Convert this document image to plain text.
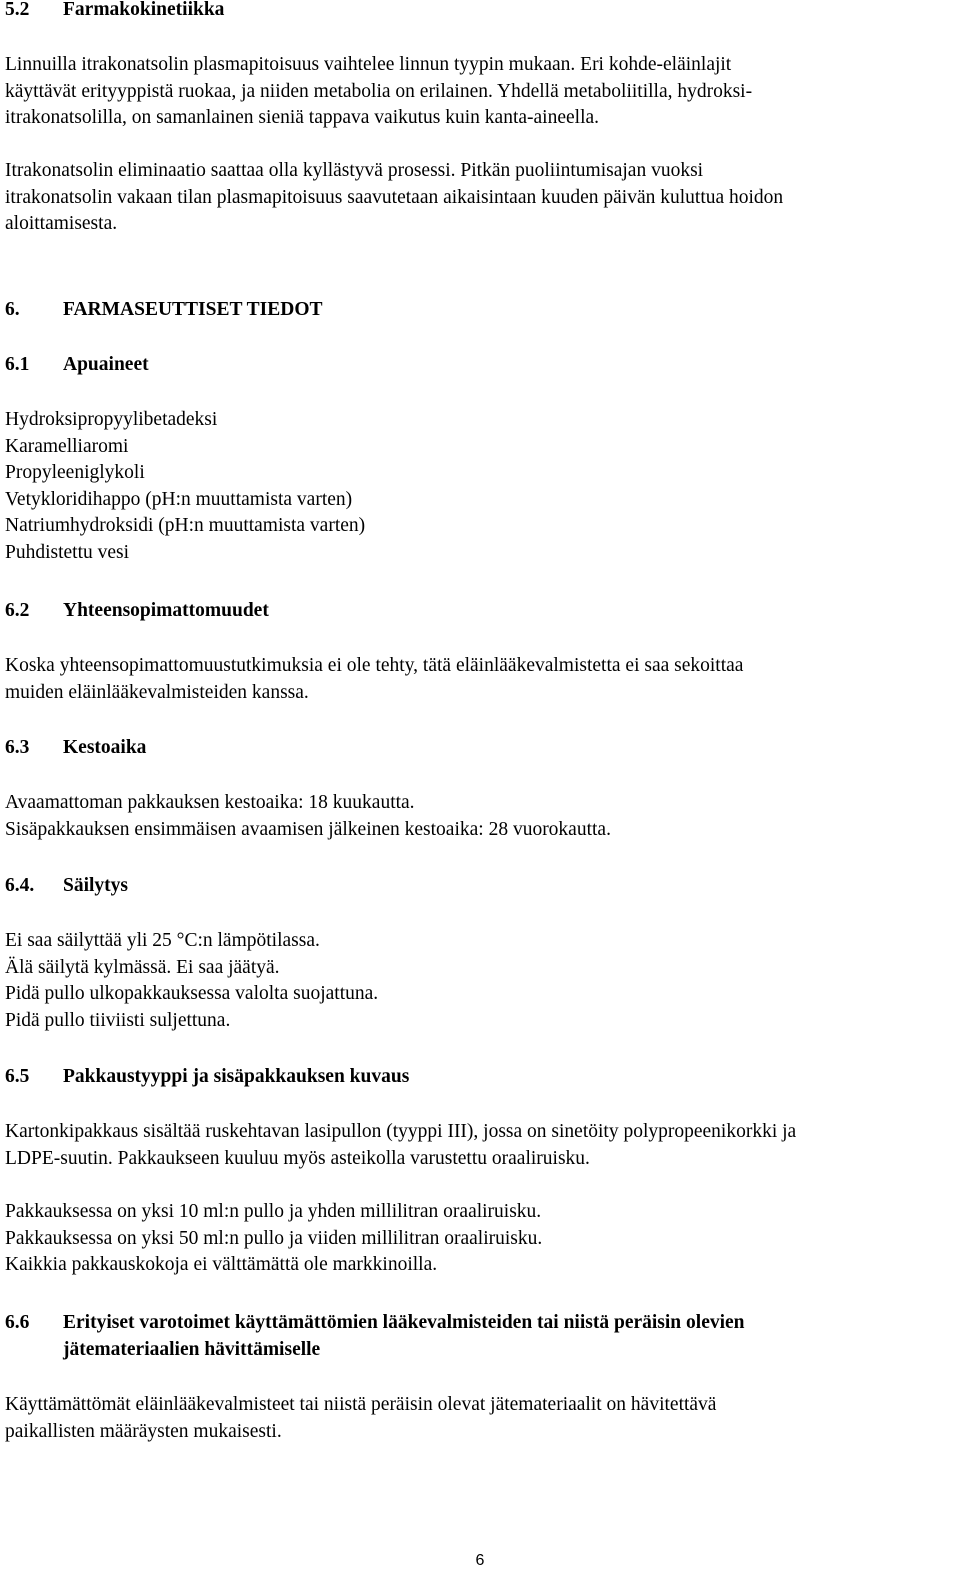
5.2	Farmakokinetiikka

Linnuilla itrakonatsolin plasmapitoisuus vaihtelee linnun tyypin mukaan. Eri kohde-eläinlajit
käyttävät erityyppistä ruokaa, ja niiden metabolia on erilainen. Yhdellä metaboliitilla, hydroksi-
itrakonatsolilla, on samanlainen sieniä tappava vaikutus kuin kanta-aineella.

Itrakonatsolin eliminaatio saattaa olla kyllästyvä prosessi. Pitkän puoliintumisajan vuoksi
itrakonatsolin vakaan tilan plasmapitoisuus saavutetaan aikaisintaan kuuden päivän kuluttua hoidon
aloittamisesta.

6.	FARMASEUTTISET TIEDOT
6.1	Apuaineet

Hydroksipropyylibetadeksi
Karamelliaromi
Propyleeniglykoli
Vetykloridihappo (pH:n muuttamista varten)
Natriumhydroksidi (pH:n muuttamista varten)
Puhdistettu vesi

6.2	Yhteensopimattomuudet

Koska yhteensopimattomuustutkimuksia ei ole tehty, tätä eläinlääkevalmistetta ei saa sekoittaa
muiden eläinlääkevalmisteiden kanssa.

6.3	Kestoaika

Avaamattoman pakkauksen kestoaika: 18 kuukautta.
Sisäpakkauksen ensimmäisen avaamisen jälkeinen kestoaika: 28 vuorokautta.

6.4.	Säilytys

Ei saa säilyttää yli 25 °C:n lämpötilassa.
Älä säilytä kylmässä. Ei saa jäätyä.
Pidä pullo ulkopakkauksessa valolta suojattuna.
Pidä pullo tiiviisti suljettuna.

6.5	Pakkaustyyppi ja sisäpakkauksen kuvaus

Kartonkipakkaus sisältää ruskehtavan lasipullon (tyyppi III), jossa on sinetöity polypropeenikorkki ja
LDPE-suutin. Pakkaukseen kuuluu myös asteikolla varustettu oraaliruisku.

Pakkauksessa on yksi 10 ml:n pullo ja yhden millilitran oraaliruisku.
Pakkauksessa on yksi 50 ml:n pullo ja viiden millilitran oraaliruisku.
Kaikkia pakkauskokoja ei välttämättä ole markkinoilla.

6.6	Erityiset varotoimet käyttämättömien lääkevalmisteiden tai niistä peräisin olevien
jätemateriaalien hävittämiselle

Käyttämättömät eläinlääkevalmisteet tai niistä peräisin olevat jätemateriaalit on hävitettävä
paikallisten määräysten mukaisesti.

6
